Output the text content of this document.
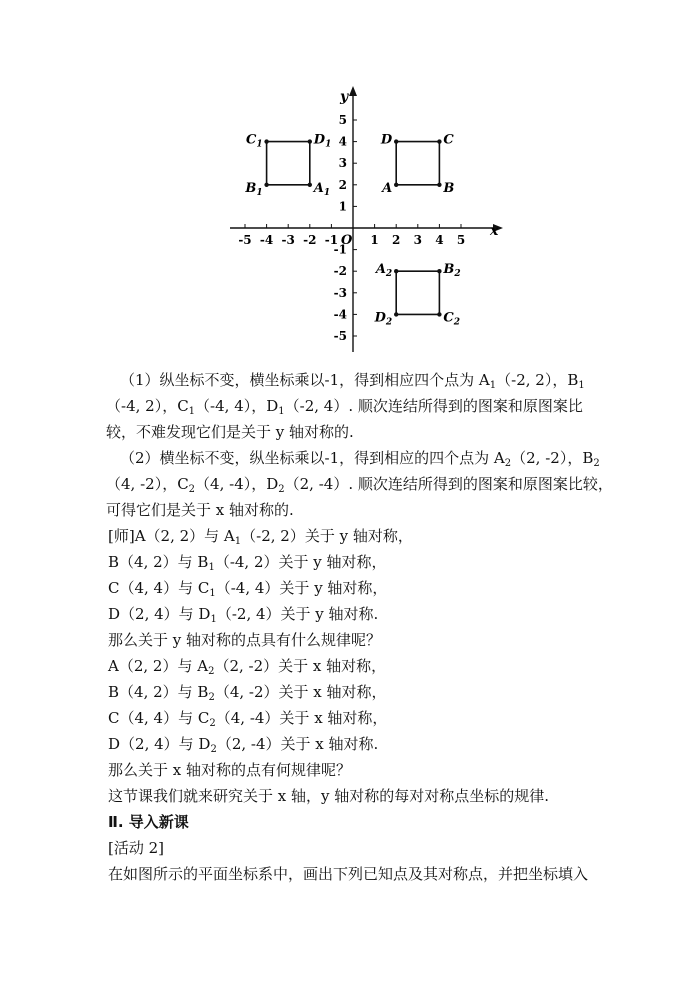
x
y
O
-5 -4 -3 -2 -1	1 2 3 4 5
5
4
3
2
1
-1
-2
-3
-4
-5
$C_1$	$D_1$
$B_1$	$A_1$
D	C
A	B
$A_2$	$B_2$
$D_2$	$C_2$
（1）纵坐标不变，横坐标乘以-1，得到相应四个点为 $A_1(-2$, 2），$B_1$
（-4, 2），$C_1(-4$, 4），$D_1(-2$, 4）. 顺次连结所得到的图案和原图案比
较，不难发现它们是关于 y 轴对称的.
（2）横坐标不变，纵坐标乘以-1，得到相应的四个点为 $A_2(2$, -2），$B_2$
（4, -2），$C_2(4$, -4），$D_2(2$, -4）. 顺次连结所得到的图案和原图案比较，
可得它们是关于 x 轴对称的.
[师]A（2, 2）与 $A_1(-2$, 2）关于 y 轴对称，
B（4, 2）与 $B_1(-4$, 2）关于 y 轴对称，
C（4, 4）与 $C_1(-4$, 4）关于 y 轴对称，
D（2, 4）与 $D_1(-2$, 4）关于 y 轴对称.
那么关于 y 轴对称的点具有什么规律呢？
A（2, 2）与 $A_2(2$, -2）关于 x 轴对称，
B（4, 2）与 $B_2(4$, -2）关于 x 轴对称，
C（4, 4）与 $C_2(4$, -4）关于 x 轴对称，
D（2, 4）与 $D_2(2$, -4）关于 x 轴对称.
那么关于 x 轴对称的点有何规律呢？
这节课我们就来研究关于 x 轴，y 轴对称的每对对称点坐标的规律.
Ⅱ. 导入新课
[活动 2]
在如图所示的平面坐标系中，画出下列已知点及其对称点，并把坐标填入
